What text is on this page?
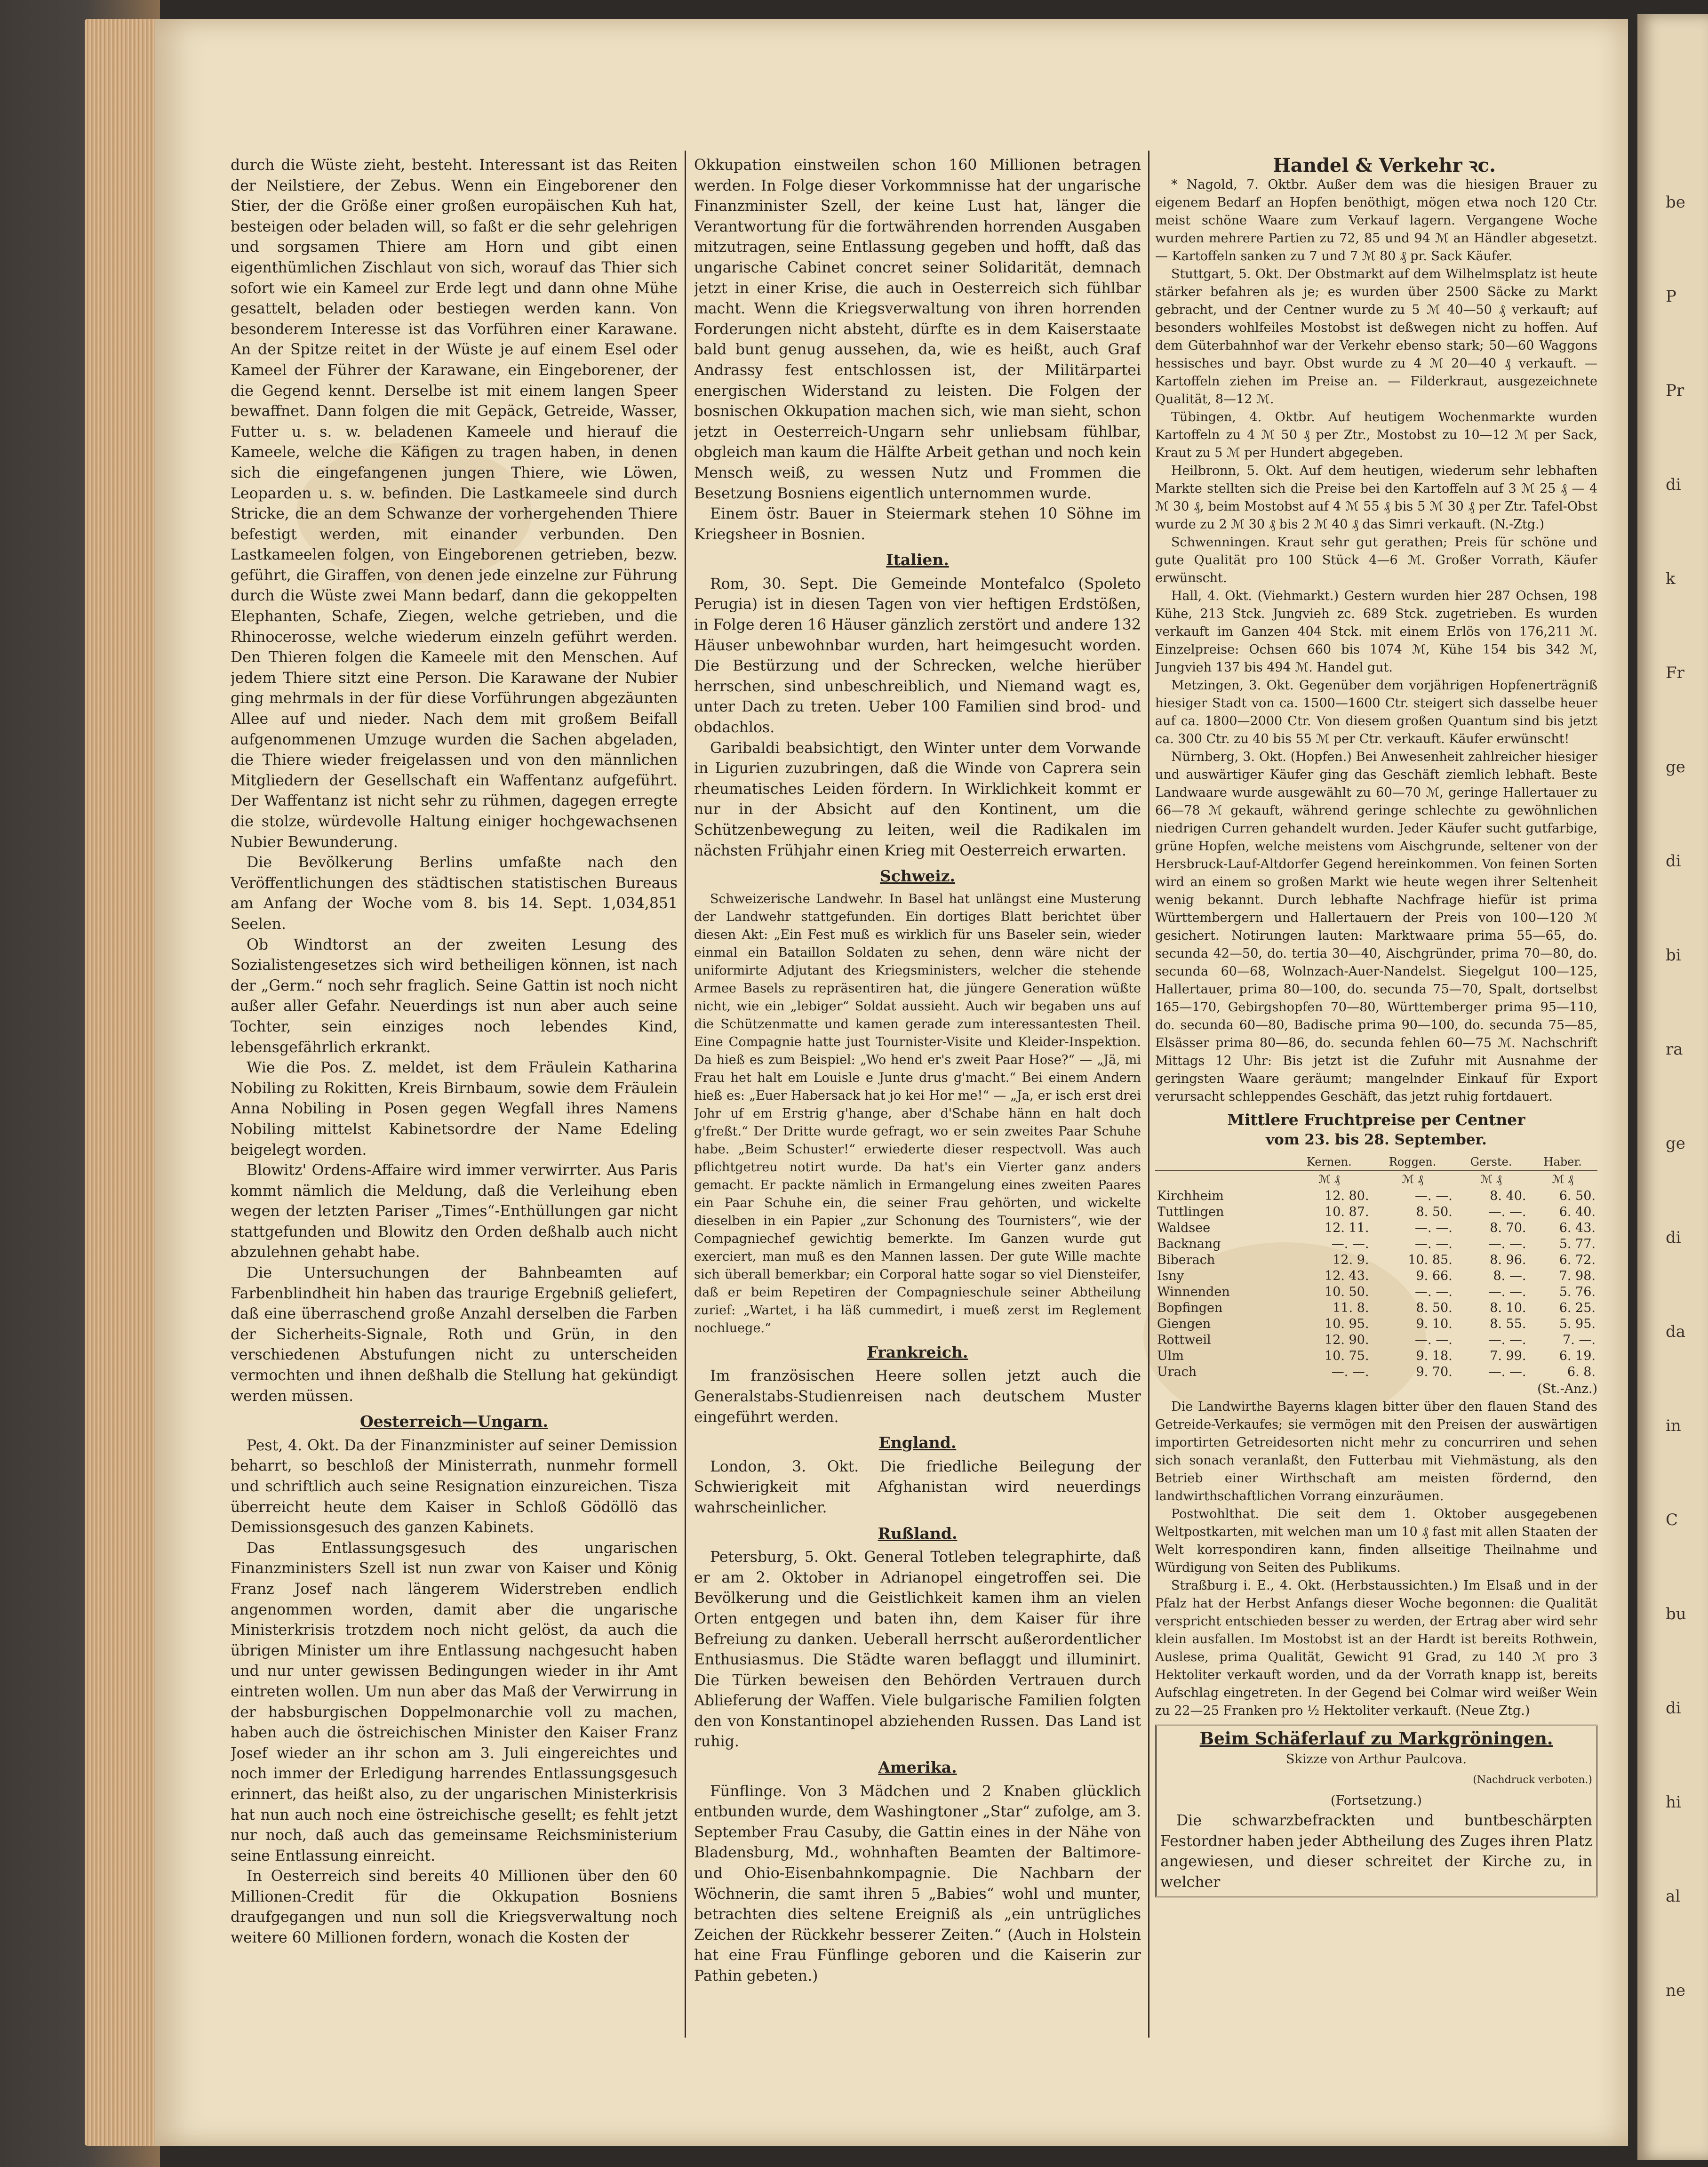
durch die Wüste zieht, besteht. Interessant ist das Reiten der Neilstiere, der Zebus. Wenn ein Eingeborener den Stier, der die Größe einer großen europäischen Kuh hat, besteigen oder beladen will, so faßt er die sehr gelehrigen und sorgsamen Thiere am Horn und gibt einen eigenthümlichen Zischlaut von sich, worauf das Thier sich sofort wie ein Kameel zur Erde legt und dann ohne Mühe gesattelt, beladen oder bestiegen werden kann. Von besonderem Interesse ist das Vorführen einer Karawane. An der Spitze reitet in der Wüste je auf einem Esel oder Kameel der Führer der Karawane, ein Eingeborener, der die Gegend kennt. Derselbe ist mit einem langen Speer bewaffnet. Dann folgen die mit Gepäck, Getreide, Wasser, Futter u. s. w. beladenen Kameele und hierauf die Kameele, welche die Käfigen zu tragen haben, in denen sich die eingefangenen jungen Thiere, wie Löwen, Leoparden u. s. w. befinden. Die Lastkameele sind durch Stricke, die an dem Schwanze der vorhergehenden Thiere befestigt werden, mit einander verbunden. Den Lastkameelen folgen, von Eingeborenen getrieben, bezw. geführt, die Giraffen, von denen jede einzelne zur Führung durch die Wüste zwei Mann bedarf, dann die gekoppelten Elephanten, Schafe, Ziegen, welche getrieben, und die Rhinocerosse, welche wiederum einzeln geführt werden. Den Thieren folgen die Kameele mit den Menschen. Auf jedem Thiere sitzt eine Person. Die Karawane der Nubier ging mehrmals in der für diese Vorführungen abgezäunten Allee auf und nieder. Nach dem mit großem Beifall aufgenommenen Umzuge wurden die Sachen abgeladen, die Thiere wieder freigelassen und von den männlichen Mitgliedern der Gesellschaft ein Waffentanz aufgeführt. Der Waffentanz ist nicht sehr zu rühmen, dagegen erregte die stolze, würdevolle Haltung einiger hochgewachsenen Nubier Bewunderung.

Die Bevölkerung Berlins umfaßte nach den Veröffentlichungen des städtischen statistischen Bureaus am Anfang der Woche vom 8. bis 14. Sept. 1,034,851 Seelen.

Ob Windtorst an der zweiten Lesung des Sozialistengesetzes sich wird betheiligen können, ist nach der „Germ.“ noch sehr fraglich. Seine Gattin ist noch nicht außer aller Gefahr. Neuerdings ist nun aber auch seine Tochter, sein einziges noch lebendes Kind, lebensgefährlich erkrankt.

Wie die Pos. Z. meldet, ist dem Fräulein Katharina Nobiling zu Rokitten, Kreis Birnbaum, sowie dem Fräulein Anna Nobiling in Posen gegen Wegfall ihres Namens Nobiling mittelst Kabinetsordre der Name Edeling beigelegt worden.

Blowitz' Ordens-Affaire wird immer verwirrter. Aus Paris kommt nämlich die Meldung, daß die Verleihung eben wegen der letzten Pariser „Times“-Enthüllungen gar nicht stattgefunden und Blowitz den Orden deßhalb auch nicht abzulehnen gehabt habe.

Die Untersuchungen der Bahnbeamten auf Farbenblindheit hin haben das traurige Ergebniß geliefert, daß eine überraschend große Anzahl derselben die Farben der Sicherheits-Signale, Roth und Grün, in den verschiedenen Abstufungen nicht zu unterscheiden vermochten und ihnen deßhalb die Stellung hat gekündigt werden müssen.

Oesterreich—Ungarn.

Pest, 4. Okt. Da der Finanzminister auf seiner Demission beharrt, so beschloß der Ministerrath, nunmehr formell und schriftlich auch seine Resignation einzureichen. Tisza überreicht heute dem Kaiser in Schloß Gödöllö das Demissionsgesuch des ganzen Kabinets.

Das Entlassungsgesuch des ungarischen Finanzministers Szell ist nun zwar von Kaiser und König Franz Josef nach längerem Widerstreben endlich angenommen worden, damit aber die ungarische Ministerkrisis trotzdem noch nicht gelöst, da auch die übrigen Minister um ihre Entlassung nachgesucht haben und nur unter gewissen Bedingungen wieder in ihr Amt eintreten wollen. Um nun aber das Maß der Verwirrung in der habsburgischen Doppelmonarchie voll zu machen, haben auch die östreichischen Minister den Kaiser Franz Josef wieder an ihr schon am 3. Juli eingereichtes und noch immer der Erledigung harrendes Entlassungsgesuch erinnert, das heißt also, zu der ungarischen Ministerkrisis hat nun auch noch eine östreichische gesellt; es fehlt jetzt nur noch, daß auch das gemeinsame Reichsministerium seine Entlassung einreicht.

In Oesterreich sind bereits 40 Millionen über den 60 Millionen-Credit für die Okkupation Bosniens draufgegangen und nun soll die Kriegsverwaltung noch weitere 60 Millionen fordern, wonach die Kosten der

Okkupation einstweilen schon 160 Millionen betragen werden. In Folge dieser Vorkommnisse hat der ungarische Finanzminister Szell, der keine Lust hat, länger die Verantwortung für die fortwährenden horrenden Ausgaben mitzutragen, seine Entlassung gegeben und hofft, daß das ungarische Cabinet concret seiner Solidarität, demnach jetzt in einer Krise, die auch in Oesterreich sich fühlbar macht. Wenn die Kriegsverwaltung von ihren horrenden Forderungen nicht absteht, dürfte es in dem Kaiserstaate bald bunt genug aussehen, da, wie es heißt, auch Graf Andrassy fest entschlossen ist, der Militärpartei energischen Widerstand zu leisten. Die Folgen der bosnischen Okkupation machen sich, wie man sieht, schon jetzt in Oesterreich-Ungarn sehr unliebsam fühlbar, obgleich man kaum die Hälfte Arbeit gethan und noch kein Mensch weiß, zu wessen Nutz und Frommen die Besetzung Bosniens eigentlich unternommen wurde.

Einem östr. Bauer in Steiermark stehen 10 Söhne im Kriegsheer in Bosnien.

Italien.

Rom, 30. Sept. Die Gemeinde Montefalco (Spoleto Perugia) ist in diesen Tagen von vier heftigen Erdstößen, in Folge deren 16 Häuser gänzlich zerstört und andere 132 Häuser unbewohnbar wurden, hart heimgesucht worden. Die Bestürzung und der Schrecken, welche hierüber herrschen, sind unbeschreiblich, und Niemand wagt es, unter Dach zu treten. Ueber 100 Familien sind brod- und obdachlos.

Garibaldi beabsichtigt, den Winter unter dem Vorwande in Ligurien zuzubringen, daß die Winde von Caprera sein rheumatisches Leiden fördern. In Wirklichkeit kommt er nur in der Absicht auf den Kontinent, um die Schützenbewegung zu leiten, weil die Radikalen im nächsten Frühjahr einen Krieg mit Oesterreich erwarten.

Schweiz.

Schweizerische Landwehr. In Basel hat unlängst eine Musterung der Landwehr stattgefunden. Ein dortiges Blatt berichtet über diesen Akt: „Ein Fest muß es wirklich für uns Baseler sein, wieder einmal ein Bataillon Soldaten zu sehen, denn wäre nicht der uniformirte Adjutant des Kriegsministers, welcher die stehende Armee Basels zu repräsentiren hat, die jüngere Generation wüßte nicht, wie ein „lebiger“ Soldat aussieht. Auch wir begaben uns auf die Schützenmatte und kamen gerade zum interessantesten Theil. Eine Compagnie hatte just Tournister-Visite und Kleider-Inspektion. Da hieß es zum Beispiel: „Wo hend er's zweit Paar Hose?“ — „Jä, mi Frau het halt em Louisle e Junte drus g'macht.“ Bei einem Andern hieß es: „Euer Habersack hat jo kei Hor me!“ — „Ja, er isch erst drei Johr uf em Erstrig g'hange, aber d'Schabe hänn en halt doch g'freßt.“ Der Dritte wurde gefragt, wo er sein zweites Paar Schuhe habe. „Beim Schuster!“ erwiederte dieser respectvoll. Was auch pflichtgetreu notirt wurde. Da hat's ein Vierter ganz anders gemacht. Er packte nämlich in Ermangelung eines zweiten Paares ein Paar Schuhe ein, die seiner Frau gehörten, und wickelte dieselben in ein Papier „zur Schonung des Tournisters“, wie der Compagniechef gewichtig bemerkte. Im Ganzen wurde gut exerciert, man muß es den Mannen lassen. Der gute Wille machte sich überall bemerkbar; ein Corporal hatte sogar so viel Diensteifer, daß er beim Repetiren der Compagnieschule seiner Abtheilung zurief: „Wartet, i ha läß cummedirt, i mueß zerst im Reglement nochluege.“

Frankreich.

Im französischen Heere sollen jetzt auch die Generalstabs-Studienreisen nach deutschem Muster eingeführt werden.

England.

London, 3. Okt. Die friedliche Beilegung der Schwierigkeit mit Afghanistan wird neuerdings wahrscheinlicher.

Rußland.

Petersburg, 5. Okt. General Totleben telegraphirte, daß er am 2. Oktober in Adrianopel eingetroffen sei. Die Bevölkerung und die Geistlichkeit kamen ihm an vielen Orten entgegen und baten ihn, dem Kaiser für ihre Befreiung zu danken. Ueberall herrscht außerordentlicher Enthusiasmus. Die Städte waren beflaggt und illuminirt. Die Türken beweisen den Behörden Vertrauen durch Ablieferung der Waffen. Viele bulgarische Familien folgten den von Konstantinopel abziehenden Russen. Das Land ist ruhig.

Amerika.

Fünflinge. Von 3 Mädchen und 2 Knaben glücklich entbunden wurde, dem Washingtoner „Star“ zufolge, am 3. September Frau Casuby, die Gattin eines in der Nähe von Bladensburg, Md., wohnhaften Beamten der Baltimore- und Ohio-Eisenbahnkompagnie. Die Nachbarn der Wöchnerin, die samt ihren 5 „Babies“ wohl und munter, betrachten dies seltene Ereigniß als „ein untrügliches Zeichen der Rückkehr besserer Zeiten.“ (Auch in Holstein hat eine Frau Fünflinge geboren und die Kaiserin zur Pathin gebeten.)

Handel & Verkehr ꝛc.

* Nagold, 7. Oktbr. Außer dem was die hiesigen Brauer zu eigenem Bedarf an Hopfen benöthigt, mögen etwa noch 120 Ctr. meist schöne Waare zum Verkauf lagern. Vergangene Woche wurden mehrere Partien zu 72, 85 und 94 ℳ an Händler abgesetzt. — Kartoffeln sanken zu 7 und 7 ℳ 80 ₰ pr. Sack Käufer.

Stuttgart, 5. Okt. Der Obstmarkt auf dem Wilhelmsplatz ist heute stärker befahren als je; es wurden über 2500 Säcke zu Markt gebracht, und der Centner wurde zu 5 ℳ 40—50 ₰ verkauft; auf besonders wohlfeiles Mostobst ist deßwegen nicht zu hoffen. Auf dem Güterbahnhof war der Verkehr ebenso stark; 50—60 Waggons hessisches und bayr. Obst wurde zu 4 ℳ 20—40 ₰ verkauft. — Kartoffeln ziehen im Preise an. — Filderkraut, ausgezeichnete Qualität, 8—12 ℳ.

Tübingen, 4. Oktbr. Auf heutigem Wochenmarkte wurden Kartoffeln zu 4 ℳ 50 ₰ per Ztr., Mostobst zu 10—12 ℳ per Sack, Kraut zu 5 ℳ per Hundert abgegeben.

Heilbronn, 5. Okt. Auf dem heutigen, wiederum sehr lebhaften Markte stellten sich die Preise bei den Kartoffeln auf 3 ℳ 25 ₰ — 4 ℳ 30 ₰, beim Mostobst auf 4 ℳ 55 ₰ bis 5 ℳ 30 ₰ per Ztr. Tafel-Obst wurde zu 2 ℳ 30 ₰ bis 2 ℳ 40 ₰ das Simri verkauft. (N.-Ztg.)

Schwenningen. Kraut sehr gut gerathen; Preis für schöne und gute Qualität pro 100 Stück 4—6 ℳ. Großer Vorrath, Käufer erwünscht.

Hall, 4. Okt. (Viehmarkt.) Gestern wurden hier 287 Ochsen, 198 Kühe, 213 Stck. Jungvieh zc. 689 Stck. zugetrieben. Es wurden verkauft im Ganzen 404 Stck. mit einem Erlös von 176,211 ℳ. Einzelpreise: Ochsen 660 bis 1074 ℳ, Kühe 154 bis 342 ℳ, Jungvieh 137 bis 494 ℳ. Handel gut.

Metzingen, 3. Okt. Gegenüber dem vorjährigen Hopfenerträgniß hiesiger Stadt von ca. 1500—1600 Ctr. steigert sich dasselbe heuer auf ca. 1800—2000 Ctr. Von diesem großen Quantum sind bis jetzt ca. 300 Ctr. zu 40 bis 55 ℳ per Ctr. verkauft. Käufer erwünscht!

Nürnberg, 3. Okt. (Hopfen.) Bei Anwesenheit zahlreicher hiesiger und auswärtiger Käufer ging das Geschäft ziemlich lebhaft. Beste Landwaare wurde ausgewählt zu 60—70 ℳ, geringe Hallertauer zu 66—78 ℳ gekauft, während geringe schlechte zu gewöhnlichen niedrigen Curren gehandelt wurden. Jeder Käufer sucht gutfarbige, grüne Hopfen, welche meistens vom Aischgrunde, seltener von der Hersbruck-Lauf-Altdorfer Gegend hereinkommen. Von feinen Sorten wird an einem so großen Markt wie heute wegen ihrer Seltenheit wenig bekannt. Durch lebhafte Nachfrage hiefür ist prima Württembergern und Hallertauern der Preis von 100—120 ℳ gesichert. Notirungen lauten: Marktwaare prima 55—65, do. secunda 42—50, do. tertia 30—40, Aischgründer, prima 70—80, do. secunda 60—68, Wolnzach-Auer-Nandelst. Siegelgut 100—125, Hallertauer, prima 80—100, do. secunda 75—70, Spalt, dortselbst 165—170, Gebirgshopfen 70—80, Württemberger prima 95—110, do. secunda 60—80, Badische prima 90—100, do. secunda 75—85, Elsässer prima 80—86, do. secunda fehlen 60—75 ℳ. Nachschrift Mittags 12 Uhr: Bis jetzt ist die Zufuhr mit Ausnahme der geringsten Waare geräumt; mangelnder Einkauf für Export verursacht schleppendes Geschäft, das jetzt ruhig fortdauert.

Mittlere Fruchtpreise per Centner
vom 23. bis 28. September.
	Kernen.	Roggen.	Gerste.	Haber.
	ℳ ₰	ℳ ₰	ℳ ₰	ℳ ₰
Kirchheim	12. 80.	—. —.	8. 40.	6. 50.
Tuttlingen	10. 87.	8. 50.	—. —.	6. 40.
Waldsee	12. 11.	—. —.	8. 70.	6. 43.
Backnang	—. —.	—. —.	—. —.	5. 77.
Biberach	12. 9.	10. 85.	8. 96.	6. 72.
Isny	12. 43.	9. 66.	8. —.	7. 98.
Winnenden	10. 50.	—. —.	—. —.	5. 76.
Bopfingen	11. 8.	8. 50.	8. 10.	6. 25.
Giengen	10. 95.	9. 10.	8. 55.	5. 95.
Rottweil	12. 90.	—. —.	—. —.	7. —.
Ulm	10. 75.	9. 18.	7. 99.	6. 19.
Urach	—. —.	9. 70.	—. —.	6. 8.

(St.-Anz.)

Die Landwirthe Bayerns klagen bitter über den flauen Stand des Getreide-Verkaufes; sie vermögen mit den Preisen der auswärtigen importirten Getreidesorten nicht mehr zu concurriren und sehen sich sonach veranlaßt, den Futterbau mit Viehmästung, als den Betrieb einer Wirthschaft am meisten fördernd, den landwirthschaftlichen Vorrang einzuräumen.

Postwohlthat. Die seit dem 1. Oktober ausgegebenen Weltpostkarten, mit welchen man um 10 ₰ fast mit allen Staaten der Welt korrespondiren kann, finden allseitige Theilnahme und Würdigung von Seiten des Publikums.

Straßburg i. E., 4. Okt. (Herbstaussichten.) Im Elsaß und in der Pfalz hat der Herbst Anfangs dieser Woche begonnen: die Qualität verspricht entschieden besser zu werden, der Ertrag aber wird sehr klein ausfallen. Im Mostobst ist an der Hardt ist bereits Rothwein, Auslese, prima Qualität, Gewicht 91 Grad, zu 140 ℳ pro 3 Hektoliter verkauft worden, und da der Vorrath knapp ist, bereits Aufschlag eingetreten. In der Gegend bei Colmar wird weißer Wein zu 22—25 Franken pro ½ Hektoliter verkauft. (Neue Ztg.)

Beim Schäferlauf zu Markgröningen.
Skizze von Arthur Paulcova.
(Nachdruck verboten.)
(Fortsetzung.)

Die schwarzbefrackten und buntbeschärpten Festordner haben jeder Abtheilung des Zuges ihren Platz angewiesen, und dieser schreitet der Kirche zu, in welcher

be
P
Pr
di
k
Fr
ge
di
bi
ra
ge
di
da
in
C
bu
di
hi
al
ne
